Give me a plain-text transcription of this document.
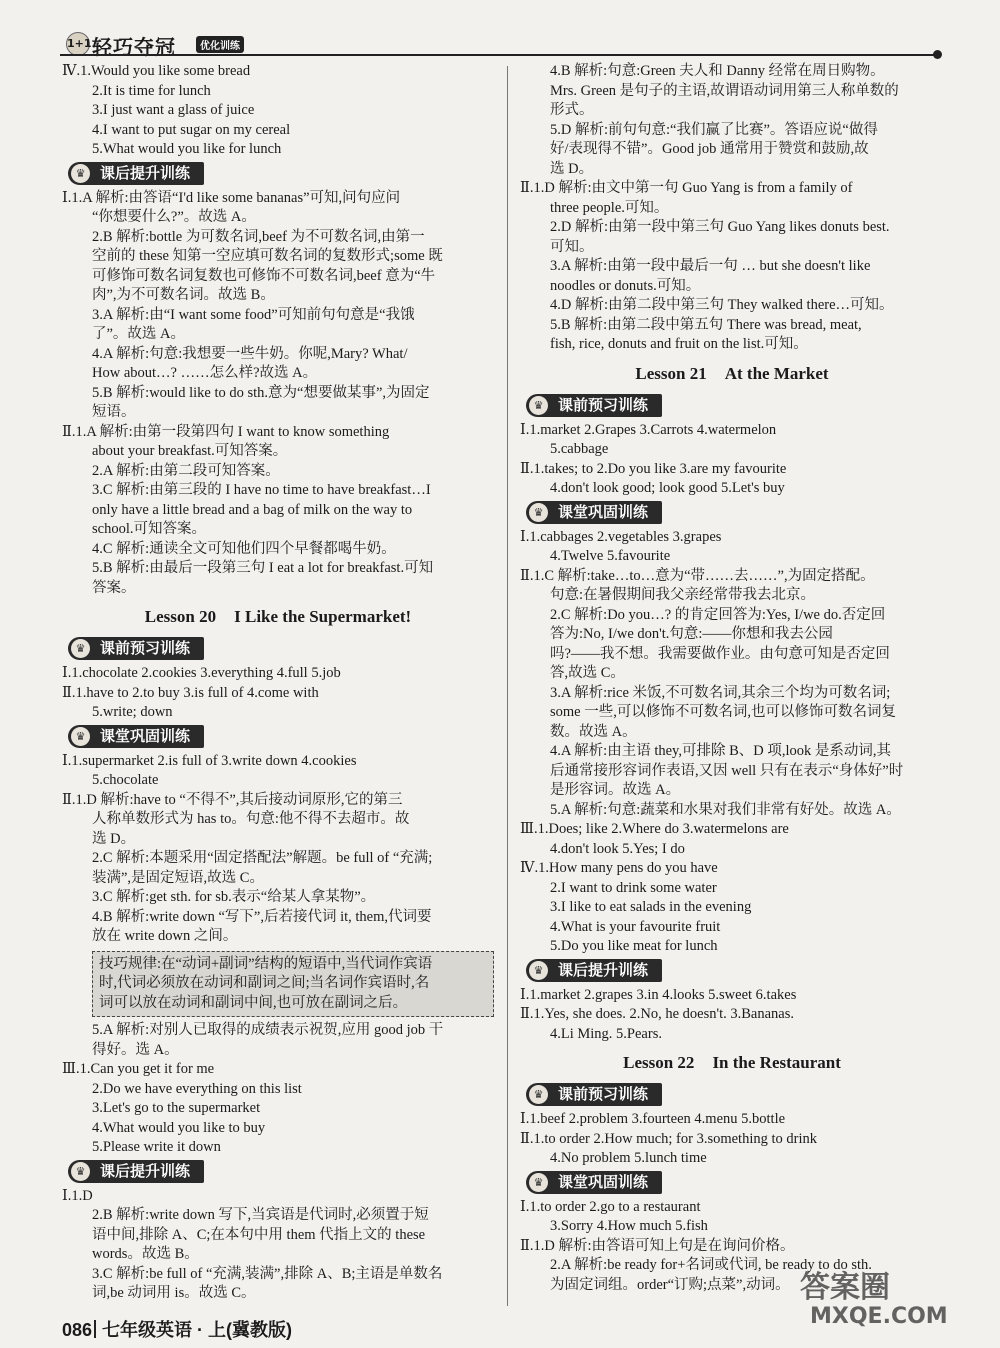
1+1 轻巧夺冠	优化训练
Ⅳ.1.Would you like some bread
2.It is time for lunch
3.I just want a glass of juice
4.I want to put sugar on my cereal
5.What would you like for lunch
♛ 课后提升训练
Ⅰ.1.A 解析:由答语“I'd like some bananas”可知,问句应问
“你想要什么?”。故选 A。
2.B 解析:bottle 为可数名词,beef 为不可数名词,由第一
空前的 these 知第一空应填可数名词的复数形式;some 既
可修饰可数名词复数也可修饰不可数名词,beef 意为“牛
肉”,为不可数名词。故选 B。
3.A 解析:由“I want some food”可知前句句意是“我饿
了”。故选 A。
4.A 解析:句意:我想要一些牛奶。你呢,Mary? What/
How about…? ……怎么样?故选 A。
5.B 解析:would like to do sth.意为“想要做某事”,为固定
短语。
Ⅱ.1.A 解析:由第一段第四句 I want to know something
about your breakfast.可知答案。
2.A 解析:由第二段可知答案。
3.C 解析:由第三段的 I have no time to have breakfast…I
only have a little bread and a bag of milk on the way to
school.可知答案。
4.C 解析:通读全文可知他们四个早餐都喝牛奶。
5.B 解析:由最后一段第三句 I eat a lot for breakfast.可知
答案。
Lesson 20 I Like the Supermarket!
♛ 课前预习训练
Ⅰ.1.chocolate 2.cookies 3.everything 4.full 5.job
Ⅱ.1.have to 2.to buy 3.is full of 4.come with
5.write; down
♛ 课堂巩固训练
Ⅰ.1.supermarket 2.is full of 3.write down 4.cookies
5.chocolate
Ⅱ.1.D 解析:have to “不得不”,其后接动词原形,它的第三
人称单数形式为 has to。句意:他不得不去超市。故
选 D。
2.C 解析:本题采用“固定搭配法”解题。be full of “充满;
装满”,是固定短语,故选 C。
3.C 解析:get sth. for sb.表示“给某人拿某物”。
4.B 解析:write down “写下”,后若接代词 it, them,代词要
放在 write down 之间。
技巧规律:在“动词+副词”结构的短语中,当代词作宾语
时,代词必须放在动词和副词之间;当名词作宾语时,名
词可以放在动词和副词中间,也可放在副词之后。
5.A 解析:对别人已取得的成绩表示祝贺,应用 good job 干
得好。选 A。
Ⅲ.1.Can you get it for me
2.Do we have everything on this list
3.Let's go to the supermarket
4.What would you like to buy
5.Please write it down
♛ 课后提升训练
Ⅰ.1.D
2.B 解析:write down 写下,当宾语是代词时,必须置于短
语中间,排除 A、C;在本句中用 them 代指上文的 these
words。故选 B。
3.C 解析:be full of “充满,装满”,排除 A、B;主语是单数名
词,be 动词用 is。故选 C。
4.B 解析:句意:Green 夫人和 Danny 经常在周日购物。
Mrs. Green 是句子的主语,故谓语动词用第三人称单数的
形式。
5.D 解析:前句句意:“我们赢了比赛”。答语应说“做得
好/表现得不错”。Good job 通常用于赞赏和鼓励,故
选 D。
Ⅱ.1.D 解析:由文中第一句 Guo Yang is from a family of
three people.可知。
2.D 解析:由第一段中第三句 Guo Yang likes donuts best.
可知。
3.A 解析:由第一段中最后一句 … but she doesn't like
noodles or donuts.可知。
4.D 解析:由第二段中第三句 They walked there…可知。
5.B 解析:由第二段中第五句 There was bread, meat,
fish, rice, donuts and fruit on the list.可知。
Lesson 21 At the Market
♛ 课前预习训练
Ⅰ.1.market 2.Grapes 3.Carrots 4.watermelon
5.cabbage
Ⅱ.1.takes; to 2.Do you like 3.are my favourite
4.don't look good; look good 5.Let's buy
♛ 课堂巩固训练
Ⅰ.1.cabbages 2.vegetables 3.grapes
4.Twelve 5.favourite
Ⅱ.1.C 解析:take…to…意为“带……去……”,为固定搭配。
句意:在暑假期间我父亲经常带我去北京。
2.C 解析:Do you…? 的肯定回答为:Yes, I/we do.否定回
答为:No, I/we don't.句意:——你想和我去公园
吗?——我不想。我需要做作业。由句意可知是否定回
答,故选 C。
3.A 解析:rice 米饭,不可数名词,其余三个均为可数名词;
some 一些,可以修饰不可数名词,也可以修饰可数名词复
数。故选 A。
4.A 解析:由主语 they,可排除 B、D 项,look 是系动词,其
后通常接形容词作表语,又因 well 只有在表示“身体好”时
是形容词。故选 A。
5.A 解析:句意:蔬菜和水果对我们非常有好处。故选 A。
Ⅲ.1.Does; like 2.Where do 3.watermelons are
4.don't look 5.Yes; I do
Ⅳ.1.How many pens do you have
2.I want to drink some water
3.I like to eat salads in the evening
4.What is your favourite fruit
5.Do you like meat for lunch
♛ 课后提升训练
Ⅰ.1.market 2.grapes 3.in 4.looks 5.sweet 6.takes
Ⅱ.1.Yes, she does. 2.No, he doesn't. 3.Bananas.
4.Li Ming. 5.Pears.
Lesson 22 In the Restaurant
♛ 课前预习训练
Ⅰ.1.beef 2.problem 3.fourteen 4.menu 5.bottle
Ⅱ.1.to order 2.How much; for 3.something to drink
4.No problem 5.lunch time
♛ 课堂巩固训练
Ⅰ.1.to order 2.go to a restaurant
3.Sorry 4.How much 5.fish
Ⅱ.1.D 解析:由答语可知上句是在询问价格。
2.A 解析:be ready for+名词或代词, be ready to do sth.
为固定词组。order“订购;点菜”,动词。
086 七年级英语 · 上(冀教版)
答案圈
MXQE.COM
